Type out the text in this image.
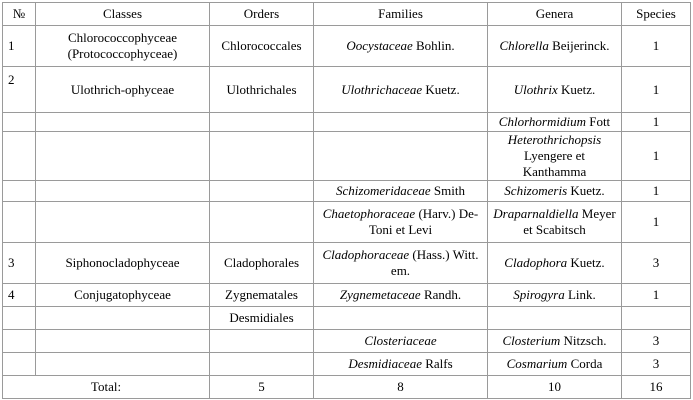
№	Classes	Orders	Families	Genera	Species
1	Chlorococcophyceae (Protococcophyceae)	Chlorococcales	Oocystaceae Bohlin.	Chlorella Beijerinck.	1
2	Ulothrich-ophyceae	Ulothrichales	Ulothrichaceae Kuetz.	Ulothrix Kuetz.	1
				Chlorhormidium Fott	1
				Heterothrichopsis Lyengerе et Kanthamma	1
			Schizomeridaceae Smith	Schizomeris Kuetz.	1
			Chaetophoraceae (Harv.) De-Toni et Levi	Draparnaldiella Meyer et Scabitsch	1
3	Siphonocladophyceae	Cladophorales	Cladophoraceae (Hass.) Witt. em.	Cladophora Kuetz.	3
4	Conjugatophyceae	Zygnematales	Zygnemetaceae Randh.	Spirogyra Link.	1
		Desmidiales			
			Closteriaceae	Closterium Nitzsch.	3
			Desmidiaceae Ralfs	Cosmarium Corda	3
Total:		5	8	10	16
